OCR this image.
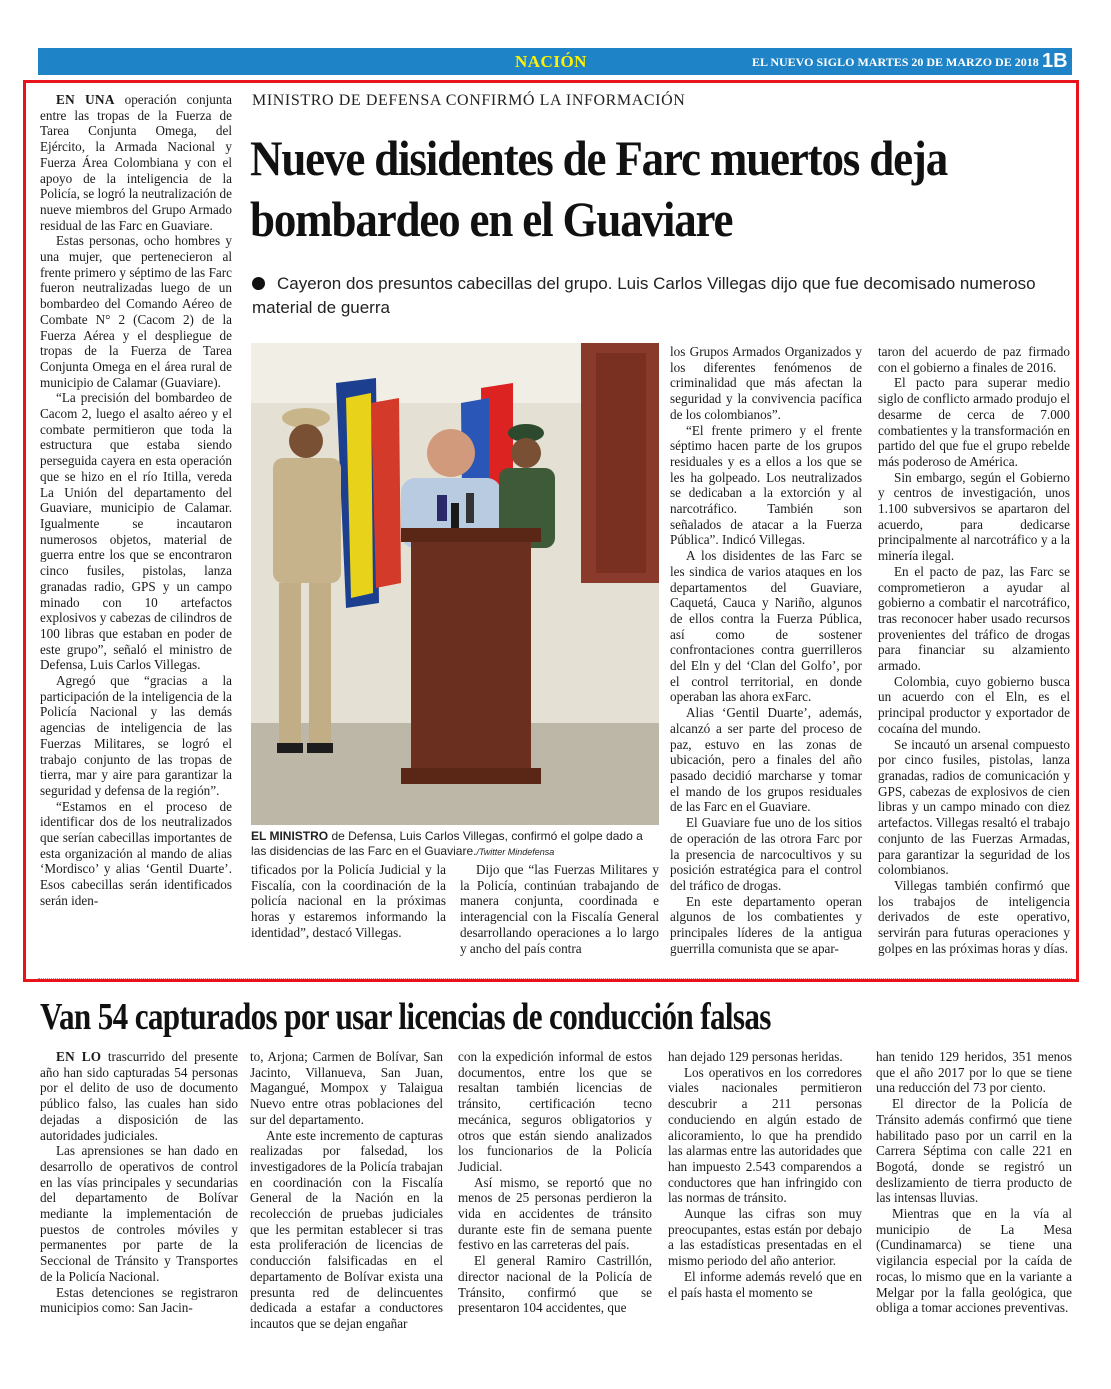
NACIÓN	EL NUEVO SIGLO MARTES 20 DE MARZO DE 2018 1B

EN UNA operación conjunta entre las tropas de la Fuerza de Tarea Conjunta Omega, del Ejército, la Armada Nacional y Fuerza Área Colombiana y con el apoyo de la inteligencia de la Policía, se logró la neutralización de nueve miembros del Grupo Armado residual de las Farc en Guaviare.

Estas personas, ocho hombres y una mujer, que pertenecieron al frente primero y séptimo de las Farc fueron neutralizadas luego de un bombardeo del Comando Aéreo de Combate N° 2 (Cacom 2) de la Fuerza Aérea y el despliegue de tropas de la Fuerza de Tarea Conjunta Omega en el área rural de municipio de Calamar (Guaviare).

“La precisión del bombardeo de Cacom 2, luego el asalto aéreo y el combate permitieron que toda la estructura que estaba siendo perseguida cayera en esta operación que se hizo en el río Itilla, vereda La Unión del departamento del Guaviare, municipio de Calamar. Igualmente se incautaron numerosos objetos, material de guerra entre los que se encontraron cinco fusiles, pistolas, lanza granadas radio, GPS y un campo minado con 10 artefactos explosivos y cabezas de cilindros de 100 libras que estaban en poder de este grupo”, señaló el ministro de Defensa, Luis Carlos Villegas.

Agregó que “gracias a la participación de la inteligencia de la Policía Nacional y las demás agencias de inteligencia de las Fuerzas Militares, se logró el trabajo conjunto de las tropas de tierra, mar y aire para garantizar la seguridad y defensa de la región”.

“Estamos en el proceso de identificar dos de los neutralizados que serían cabecillas importantes de esta organización al mando de alias ‘Mordisco’ y alias ‘Gentil Duarte’. Esos cabecillas serán identificados serán iden-

MINISTRO DE DEFENSA CONFIRMÓ LA INFORMACIÓN
Nueve disidentes de Farc muertos deja bombardeo en el Guaviare
Cayeron dos presuntos cabecillas del grupo. Luis Carlos Villegas dijo que fue decomisado numeroso material de guerra
EL MINISTRO de Defensa, Luis Carlos Villegas, confirmó el golpe dado a las disidencias de las Farc en el Guaviare./Twitter Mindefensa

tificados por la Policía Judicial y la Fiscalía, con la coordinación de la policía nacional en la próximas horas y estaremos informando la identidad”, destacó Villegas.

Dijo que “las Fuerzas Militares y la Policía, continúan trabajando de manera conjunta, coordinada e interagencial con la Fiscalía General desarrollando operaciones a lo largo y ancho del país contra

los Grupos Armados Organizados y los diferentes fenómenos de criminalidad que más afectan la seguridad y la convivencia pacífica de los colombianos”.

“El frente primero y el frente séptimo hacen parte de los grupos residuales y es a ellos a los que se les ha golpeado. Los neutralizados se dedicaban a la extorción y al narcotráfico. También son señalados de atacar a la Fuerza Pública”. Indicó Villegas.

A los disidentes de las Farc se les sindica de varios ataques en los departamentos del Guaviare, Caquetá, Cauca y Nariño, algunos de ellos contra la Fuerza Pública, así como de sostener confrontaciones contra guerrilleros del Eln y del ‘Clan del Golfo’, por el control territorial, en donde operaban las ahora exFarc.

Alias ‘Gentil Duarte’, además, alcanzó a ser parte del proceso de paz, estuvo en las zonas de ubicación, pero a finales del año pasado decidió marcharse y tomar el mando de los grupos residuales de las Farc en el Guaviare.

El Guaviare fue uno de los sitios de operación de las otrora Farc por la presencia de narcocultivos y su posición estratégica para el control del tráfico de drogas.

En este departamento operan algunos de los combatientes y principales líderes de la antigua guerrilla comunista que se apar-

taron del acuerdo de paz firmado con el gobierno a finales de 2016.

El pacto para superar medio siglo de conflicto armado produjo el desarme de cerca de 7.000 combatientes y la transformación en partido del que fue el grupo rebelde más poderoso de América.

Sin embargo, según el Gobierno y centros de investigación, unos 1.100 subversivos se apartaron del acuerdo, para dedicarse principalmente al narcotráfico y a la minería ilegal.

En el pacto de paz, las Farc se comprometieron a ayudar al gobierno a combatir el narcotráfico, tras reconocer haber usado recursos provenientes del tráfico de drogas para financiar su alzamiento armado.

Colombia, cuyo gobierno busca un acuerdo con el Eln, es el principal productor y exportador de cocaína del mundo.

Se incautó un arsenal compuesto por cinco fusiles, pistolas, lanza granadas, radios de comunicación y GPS, cabezas de explosivos de cien libras y un campo minado con diez artefactos. Villegas resaltó el trabajo conjunto de las Fuerzas Armadas, para garantizar la seguridad de los colombianos.

Villegas también confirmó que los trabajos de inteligencia derivados de este operativo, servirán para futuras operaciones y golpes en las próximas horas y días.

Van 54 capturados por usar licencias de conducción falsas

EN LO trascurrido del presente año han sido capturadas 54 personas por el delito de uso de documento público falso, las cuales han sido dejadas a disposición de las autoridades judiciales.

Las aprensiones se han dado en desarrollo de operativos de control en las vías principales y secundarias del departamento de Bolívar mediante la implementación de puestos de controles móviles y permanentes por parte de la Seccional de Tránsito y Transportes de la Policía Nacional.

Estas detenciones se registraron municipios como: San Jacin-

to, Arjona; Carmen de Bolívar, San Jacinto, Villanueva, San Juan, Magangué, Mompox y Talaigua Nuevo entre otras poblaciones del sur del departamento.

Ante este incremento de capturas realizadas por falsedad, los investigadores de la Policía trabajan en coordinación con la Fiscalía General de la Nación en la recolección de pruebas judiciales que les permitan establecer si tras esta proliferación de licencias de conducción falsificadas en el departamento de Bolívar exista una presunta red de delincuentes dedicada a estafar a conductores incautos que se dejan engañar

con la expedición informal de estos documentos, entre los que se resaltan también licencias de tránsito, certificación tecno mecánica, seguros obligatorios y otros que están siendo analizados los funcionarios de la Policía Judicial.

Así mismo, se reportó que no menos de 25 personas perdieron la vida en accidentes de tránsito durante este fin de semana puente festivo en las carreteras del país.

El general Ramiro Castrillón, director nacional de la Policía de Tránsito, confirmó que se presentaron 104 accidentes, que

han dejado 129 personas heridas.

Los operativos en los corredores viales nacionales permitieron descubrir a 211 personas conduciendo en algún estado de alicoramiento, lo que ha prendido las alarmas entre las autoridades que han impuesto 2.543 comparendos a conductores que han infringido con las normas de tránsito.

Aunque las cifras son muy preocupantes, estas están por debajo a las estadísticas presentadas en el mismo periodo del año anterior.

El informe además reveló que en el país hasta el momento se

han tenido 129 heridos, 351 menos que el año 2017 por lo que se tiene una reducción del 73 por ciento.

El director de la Policía de Tránsito además confirmó que tiene habilitado paso por un carril en la Carrera Séptima con calle 221 en Bogotá, donde se registró un deslizamiento de tierra producto de las intensas lluvias.

Mientras que en la vía al municipio de La Mesa (Cundinamarca) se tiene una vigilancia especial por la caída de rocas, lo mismo que en la variante a Melgar por la falla geológica, que obliga a tomar acciones preventivas.
